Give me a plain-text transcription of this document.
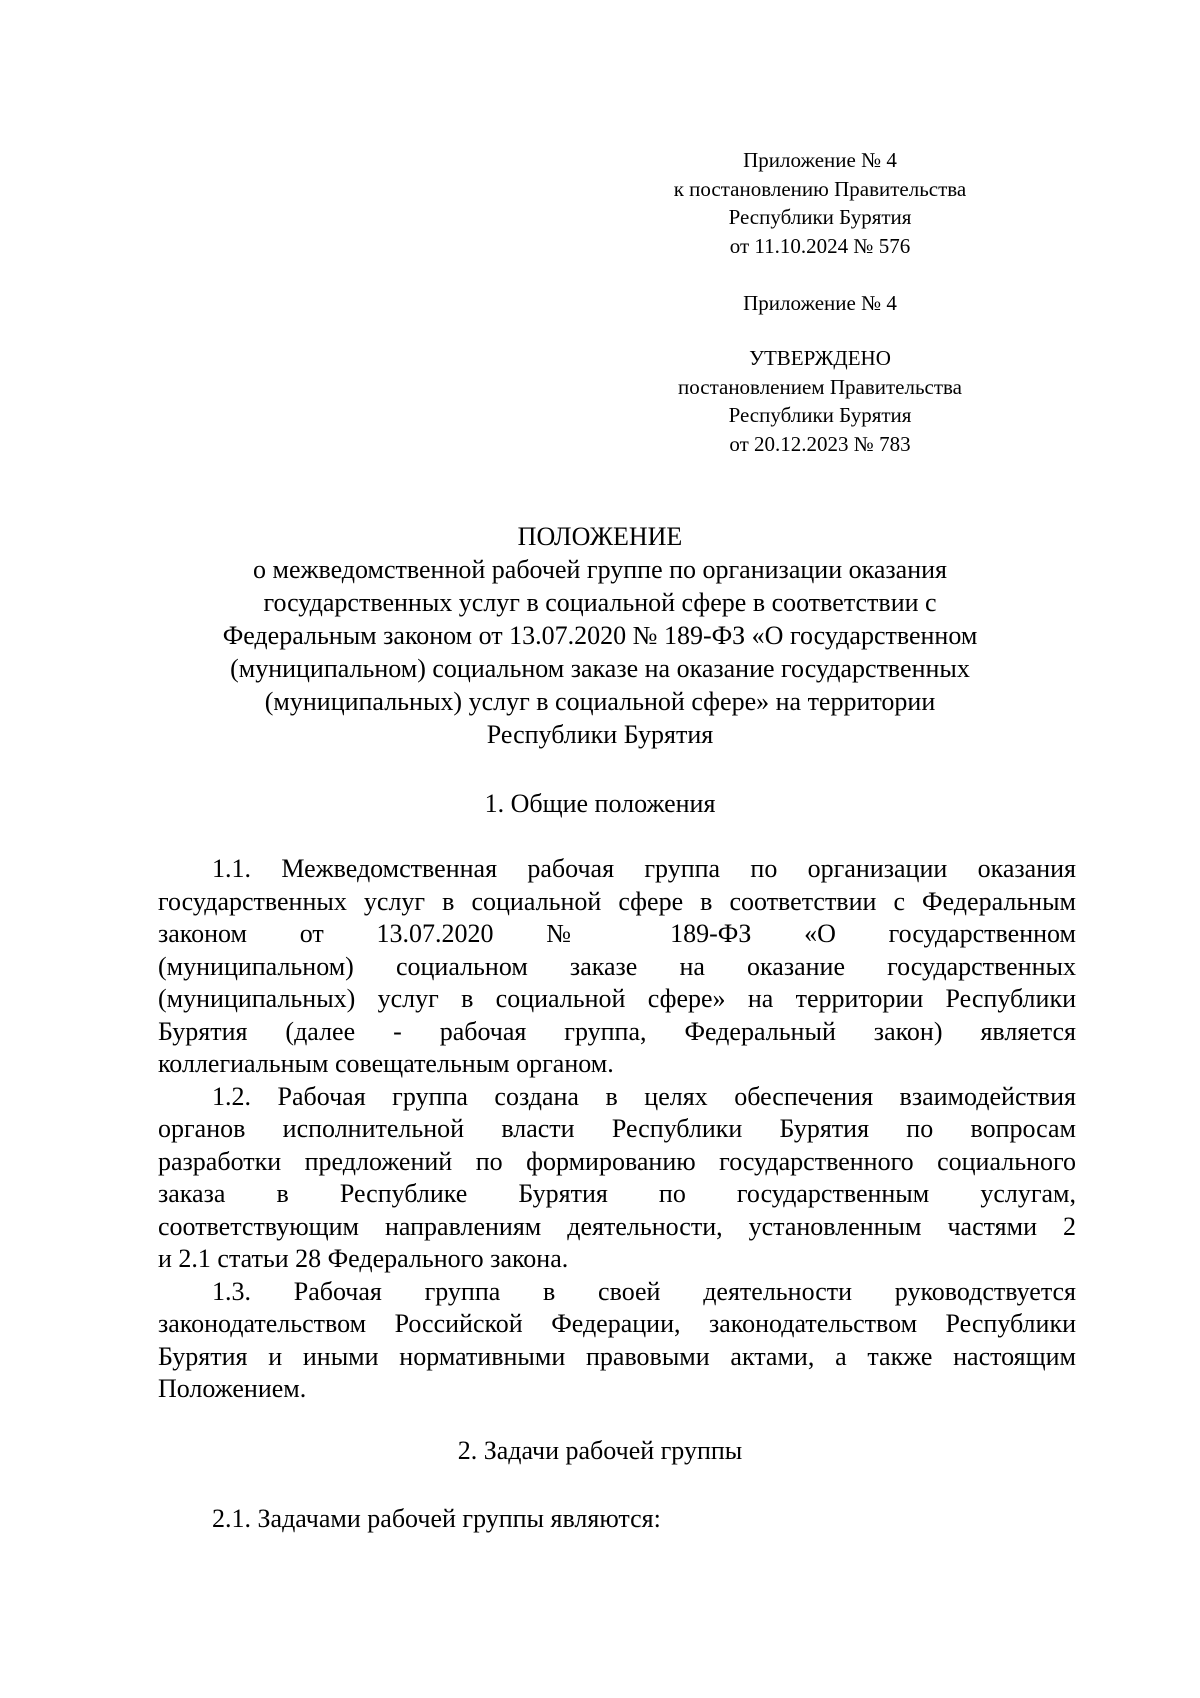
Приложение № 4
к постановлению Правительства
Республики Бурятия
от 11.10.2024 № 576
Приложение № 4
УТВЕРЖДЕНО
постановлением Правительства
Республики Бурятия
от 20.12.2023 № 783
ПОЛОЖЕНИЕ
о межведомственной рабочей группе по организации оказания
государственных услуг в социальной сфере в соответствии с
Федеральным законом от 13.07.2020 № 189-ФЗ «О государственном
(муниципальном) социальном заказе на оказание государственных
(муниципальных) услуг в социальной сфере» на территории
Республики Бурятия
1. Общие положения
1.1. Межведомственная рабочая группа по организации оказания
государственных услуг в социальной сфере в соответствии с Федеральным
законом от 13.07.2020 № 189-ФЗ «О государственном
(муниципальном) социальном заказе на оказание государственных
(муниципальных) услуг в социальной сфере» на территории Республики
Бурятия (далее - рабочая группа, Федеральный закон) является
коллегиальным совещательным органом.
1.2. Рабочая группа создана в целях обеспечения взаимодействия
органов исполнительной власти Республики Бурятия по вопросам
разработки предложений по формированию государственного социального
заказа в Республике Бурятия по государственным услугам,
соответствующим направлениям деятельности, установленным частями 2
и 2.1 статьи 28 Федерального закона.
1.3. Рабочая группа в своей деятельности руководствуется
законодательством Российской Федерации, законодательством Республики
Бурятия и иными нормативными правовыми актами, а также настоящим
Положением.
2. Задачи рабочей группы
2.1. Задачами рабочей группы являются:
